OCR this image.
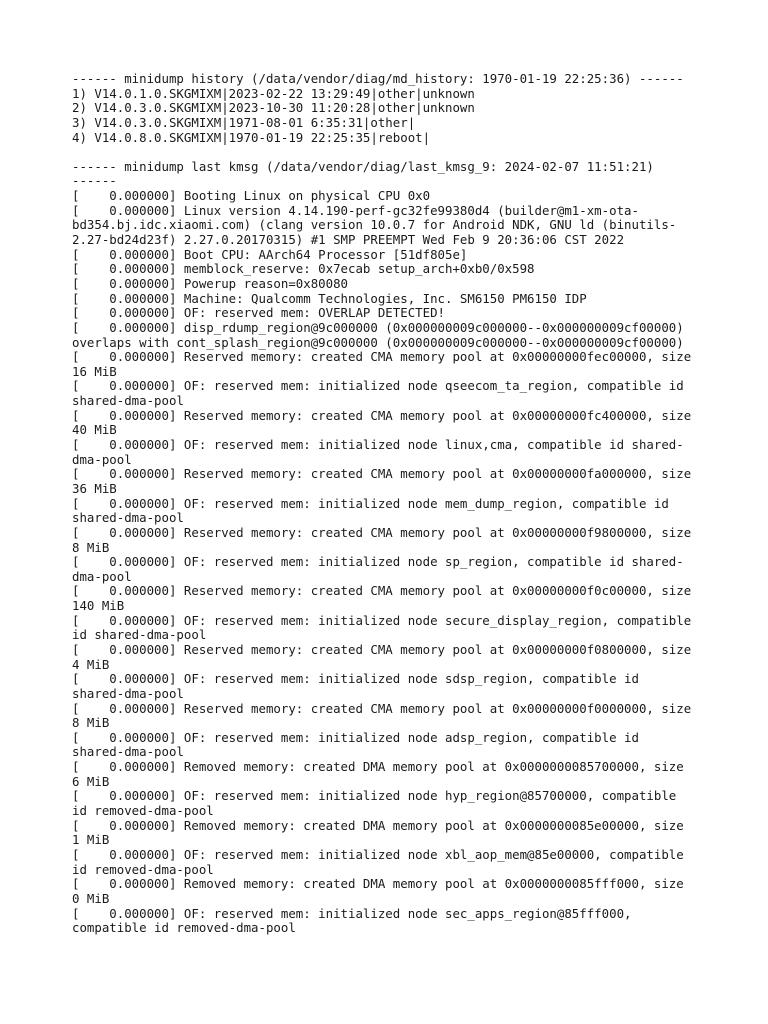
------ minidump history (/data/vendor/diag/md_history: 1970-01-19 22:25:36) ------
1) V14.0.1.0.SKGMIXM|2023-02-22 13:29:49|other|unknown
2) V14.0.3.0.SKGMIXM|2023-10-30 11:20:28|other|unknown
3) V14.0.3.0.SKGMIXM|1971-08-01 6:35:31|other|
4) V14.0.8.0.SKGMIXM|1970-01-19 22:25:35|reboot|
------ minidump last kmsg (/data/vendor/diag/last_kmsg_9: 2024-02-07 11:51:21)
------
[    0.000000] Booting Linux on physical CPU 0x0
[    0.000000] Linux version 4.14.190-perf-gc32fe99380d4 (builder@m1-xm-ota-
bd354.bj.idc.xiaomi.com) (clang version 10.0.7 for Android NDK, GNU ld (binutils-
2.27-bd24d23f) 2.27.0.20170315) #1 SMP PREEMPT Wed Feb 9 20:36:06 CST 2022
[    0.000000] Boot CPU: AArch64 Processor [51df805e]
[    0.000000] memblock_reserve: 0x7ecab setup_arch+0xb0/0x598
[    0.000000] Powerup reason=0x80080
[    0.000000] Machine: Qualcomm Technologies, Inc. SM6150 PM6150 IDP
[    0.000000] OF: reserved mem: OVERLAP DETECTED!
[    0.000000] disp_rdump_region@9c000000 (0x000000009c000000--0x000000009cf00000)
overlaps with cont_splash_region@9c000000 (0x000000009c000000--0x000000009cf00000)
[    0.000000] Reserved memory: created CMA memory pool at 0x00000000fec00000, size
16 MiB
[    0.000000] OF: reserved mem: initialized node qseecom_ta_region, compatible id
shared-dma-pool
[    0.000000] Reserved memory: created CMA memory pool at 0x00000000fc400000, size
40 MiB
[    0.000000] OF: reserved mem: initialized node linux,cma, compatible id shared-
dma-pool
[    0.000000] Reserved memory: created CMA memory pool at 0x00000000fa000000, size
36 MiB
[    0.000000] OF: reserved mem: initialized node mem_dump_region, compatible id
shared-dma-pool
[    0.000000] Reserved memory: created CMA memory pool at 0x00000000f9800000, size
8 MiB
[    0.000000] OF: reserved mem: initialized node sp_region, compatible id shared-
dma-pool
[    0.000000] Reserved memory: created CMA memory pool at 0x00000000f0c00000, size
140 MiB
[    0.000000] OF: reserved mem: initialized node secure_display_region, compatible
id shared-dma-pool
[    0.000000] Reserved memory: created CMA memory pool at 0x00000000f0800000, size
4 MiB
[    0.000000] OF: reserved mem: initialized node sdsp_region, compatible id
shared-dma-pool
[    0.000000] Reserved memory: created CMA memory pool at 0x00000000f0000000, size
8 MiB
[    0.000000] OF: reserved mem: initialized node adsp_region, compatible id
shared-dma-pool
[    0.000000] Removed memory: created DMA memory pool at 0x0000000085700000, size
6 MiB
[    0.000000] OF: reserved mem: initialized node hyp_region@85700000, compatible
id removed-dma-pool
[    0.000000] Removed memory: created DMA memory pool at 0x0000000085e00000, size
1 MiB
[    0.000000] OF: reserved mem: initialized node xbl_aop_mem@85e00000, compatible
id removed-dma-pool
[    0.000000] Removed memory: created DMA memory pool at 0x0000000085fff000, size
0 MiB
[    0.000000] OF: reserved mem: initialized node sec_apps_region@85fff000,
compatible id removed-dma-pool
